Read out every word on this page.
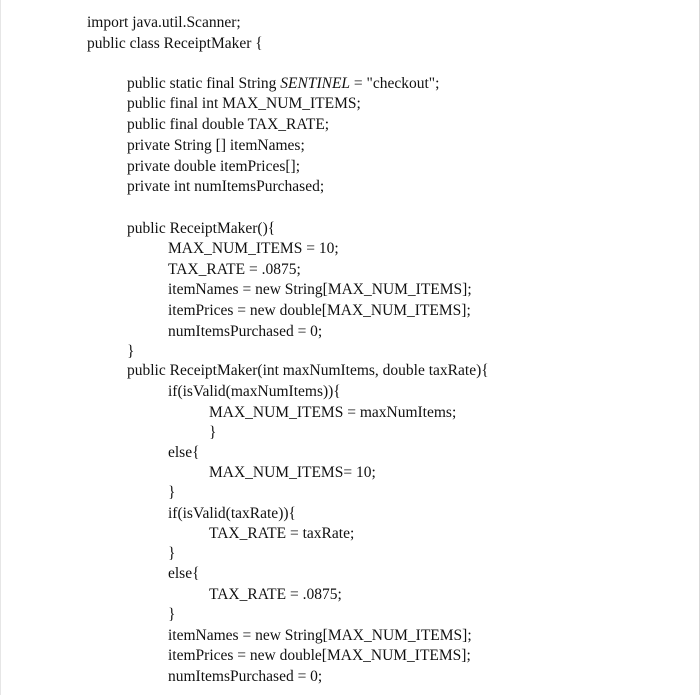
import java.util.Scanner;
public class ReceiptMaker {
public static final String SENTINEL = "checkout";
public final int MAX_NUM_ITEMS;
public final double TAX_RATE;
private String [] itemNames;
private double itemPrices[];
private int numItemsPurchased;
public ReceiptMaker(){
MAX_NUM_ITEMS = 10;
TAX_RATE = .0875;
itemNames = new String[MAX_NUM_ITEMS];
itemPrices = new double[MAX_NUM_ITEMS];
numItemsPurchased = 0;
}
public ReceiptMaker(int maxNumItems, double taxRate){
if(isValid(maxNumItems)){
MAX_NUM_ITEMS = maxNumItems;
}
else{
MAX_NUM_ITEMS= 10;
}
if(isValid(taxRate)){
TAX_RATE = taxRate;
}
else{
TAX_RATE = .0875;
}
itemNames = new String[MAX_NUM_ITEMS];
itemPrices = new double[MAX_NUM_ITEMS];
numItemsPurchased = 0;
